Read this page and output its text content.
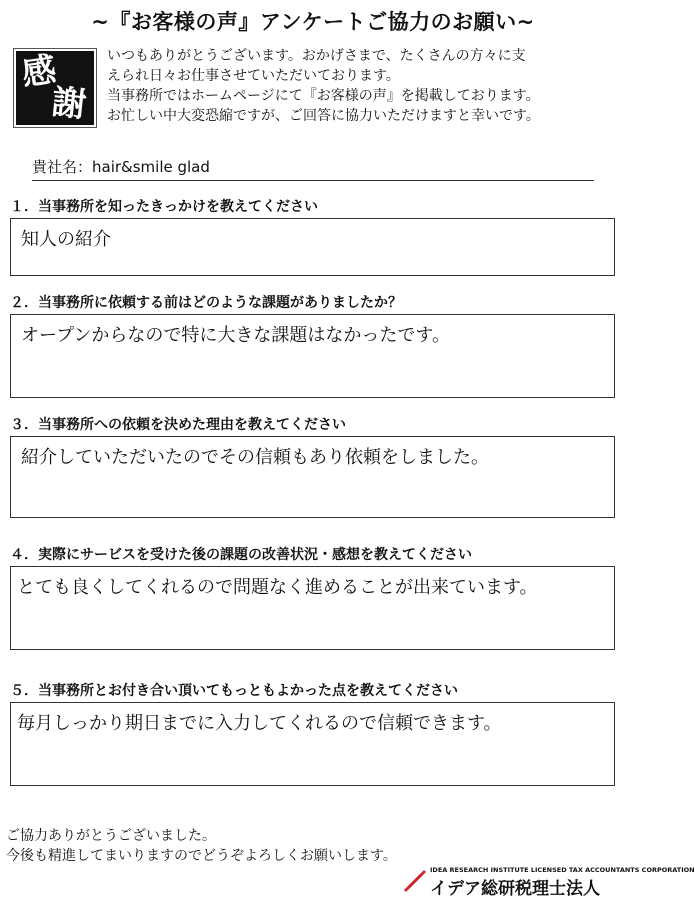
~『お客様の声』アンケートご協力のお願い~
感
謝
いつもありがとうございます。おかげさまで、たくさんの方々に支
えられ日々お仕事させていただいております。
当事務所ではホームページにて『お客様の声』を掲載しております。
お忙しい中大変恐縮ですが、ご回答に協力いただけますと幸いです。
貴社名：hair&smile glad
１．当事務所を知ったきっかけを教えてください
知人の紹介
２．当事務所に依頼する前はどのような課題がありましたか？
オープンからなので特に大きな課題はなかったです。
３．当事務所への依頼を決めた理由を教えてください
紹介していただいたのでその信頼もあり依頼をしました。
４．実際にサービスを受けた後の課題の改善状況・感想を教えてください
とても良くしてくれるので問題なく進めることが出来ています。
５．当事務所とお付き合い頂いてもっともよかった点を教えてください
毎月しっかり期日までに入力してくれるので信頼できます。
ご協力ありがとうございました。
今後も精進してまいりますのでどうぞよろしくお願いします。
IDEA RESEARCH INSTITUTE LICENSED TAX ACCOUNTANTS CORPORATION
イデア総研税理士法人
